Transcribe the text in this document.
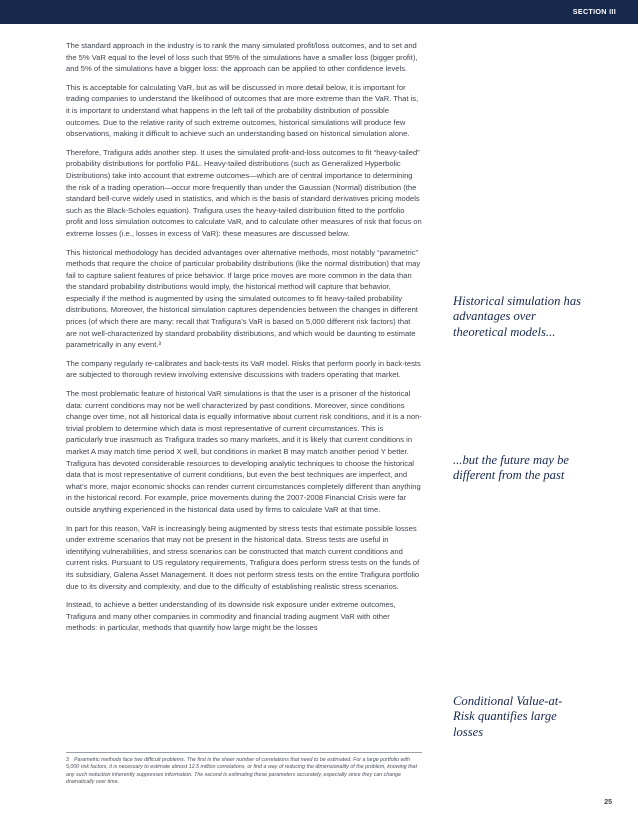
SECTION III

The standard approach in the industry is to rank the many simulated profit/loss outcomes, and to set and the 5% VaR equal to the level of loss such that 95% of the simulations have a smaller loss (bigger profit), and 5% of the simulations have a bigger loss: the approach can be applied to other confidence levels.

This is acceptable for calculating VaR, but as will be discussed in more detail below, it is important for trading companies to understand the likelihood of outcomes that are more extreme than the VaR. That is, it is important to understand what happens in the left tail of the probability distribution of possible outcomes. Due to the relative rarity of such extreme outcomes, historical simulations will produce few observations, making it difficult to achieve such an understanding based on historical simulation alone.

Therefore, Trafigura adds another step. It uses the simulated profit-and-loss outcomes to fit “heavy-tailed” probability distributions for portfolio P&L. Heavy-tailed distributions (such as Generalized Hyperbolic Distributions) take into account that extreme outcomes—which are of central importance to determining the risk of a trading operation—occur more frequently than under the Gaussian (Normal) distribution (the standard bell-curve widely used in statistics, and which is the basis of standard derivatives pricing models such as the Black-Scholes equation). Trafigura uses the heavy-tailed distribution fitted to the portfolio profit and loss simulation outcomes to calculate VaR, and to calculate other measures of risk that focus on extreme losses (i.e., losses in excess of VaR): these measures are discussed below.

This historical methodology has decided advantages over alternative methods, most notably “parametric” methods that require the choice of particular probability distributions (like the normal distribution) that may fail to capture salient features of price behavior. If large price moves are more common in the data than the standard probability distributions would imply, the historical method will capture that behavior, especially if the method is augmented by using the simulated outcomes to fit heavy-tailed probability distributions. Moreover, the historical simulation captures dependencies between the changes in different prices (of which there are many: recall that Trafigura’s VaR is based on 5,000 different risk factors) that are not well-characterized by standard probability distributions, and which would be daunting to estimate parametrically in any event.³

The company regularly re-calibrates and back-tests its VaR model. Risks that perform poorly in back-tests are subjected to thorough review involving extensive discussions with traders operating that market.

The most problematic feature of historical VaR simulations is that the user is a prisoner of the historical data: current conditions may not be well characterized by past conditions. Moreover, since conditions change over time, not all historical data is equally informative about current risk conditions, and it is a non-trivial problem to determine which data is most representative of current circumstances. This is particularly true inasmuch as Trafigura trades so many markets, and it is likely that current conditions in market A may match time period X well, but conditions in market B may match another period Y better. Trafigura has devoted considerable resources to developing analytic techniques to choose the historical data that is most representative of current conditions, but even the best techniques are imperfect, and what’s more, major economic shocks can render current circumstances completely different than anything in the historical record. For example, price movements during the 2007-2008 Financial Crisis were far outside anything experienced in the historical data used by firms to calculate VaR at that time.

In part for this reason, VaR is increasingly being augmented by stress tests that estimate possible losses under extreme scenarios that may not be present in the historical data. Stress tests are useful in identifying vulnerabilities, and stress scenarios can be constructed that match current conditions and current risks. Pursuant to US regulatory requirements, Trafigura does perform stress tests on the funds of its subsidiary, Galena Asset Management. It does not perform stress tests on the entire Trafigura portfolio due to its diversity and complexity, and due to the difficulty of establishing realistic stress scenarios.

Instead, to achieve a better understanding of its downside risk exposure under extreme outcomes, Trafigura and many other companies in commodity and financial trading augment VaR with other methods: in particular, methods that quantify how large might be the losses

Historical simulation has advantages over theoretical models...

...but the future may be different from the past

Conditional Value-at-Risk quantifies large losses

3 Parametric methods face two difficult problems. The first is the sheer number of correlations that need to be estimated. For a large portfolio with 5,000 risk factors, it is necessary to estimate almost 12.5 million correlations, or find a way of reducing the dimensionality of the problem, knowing that any such reduction inherently suppresses information. The second is estimating these parameters accurately, especially since they can change dramatically over time.
25
